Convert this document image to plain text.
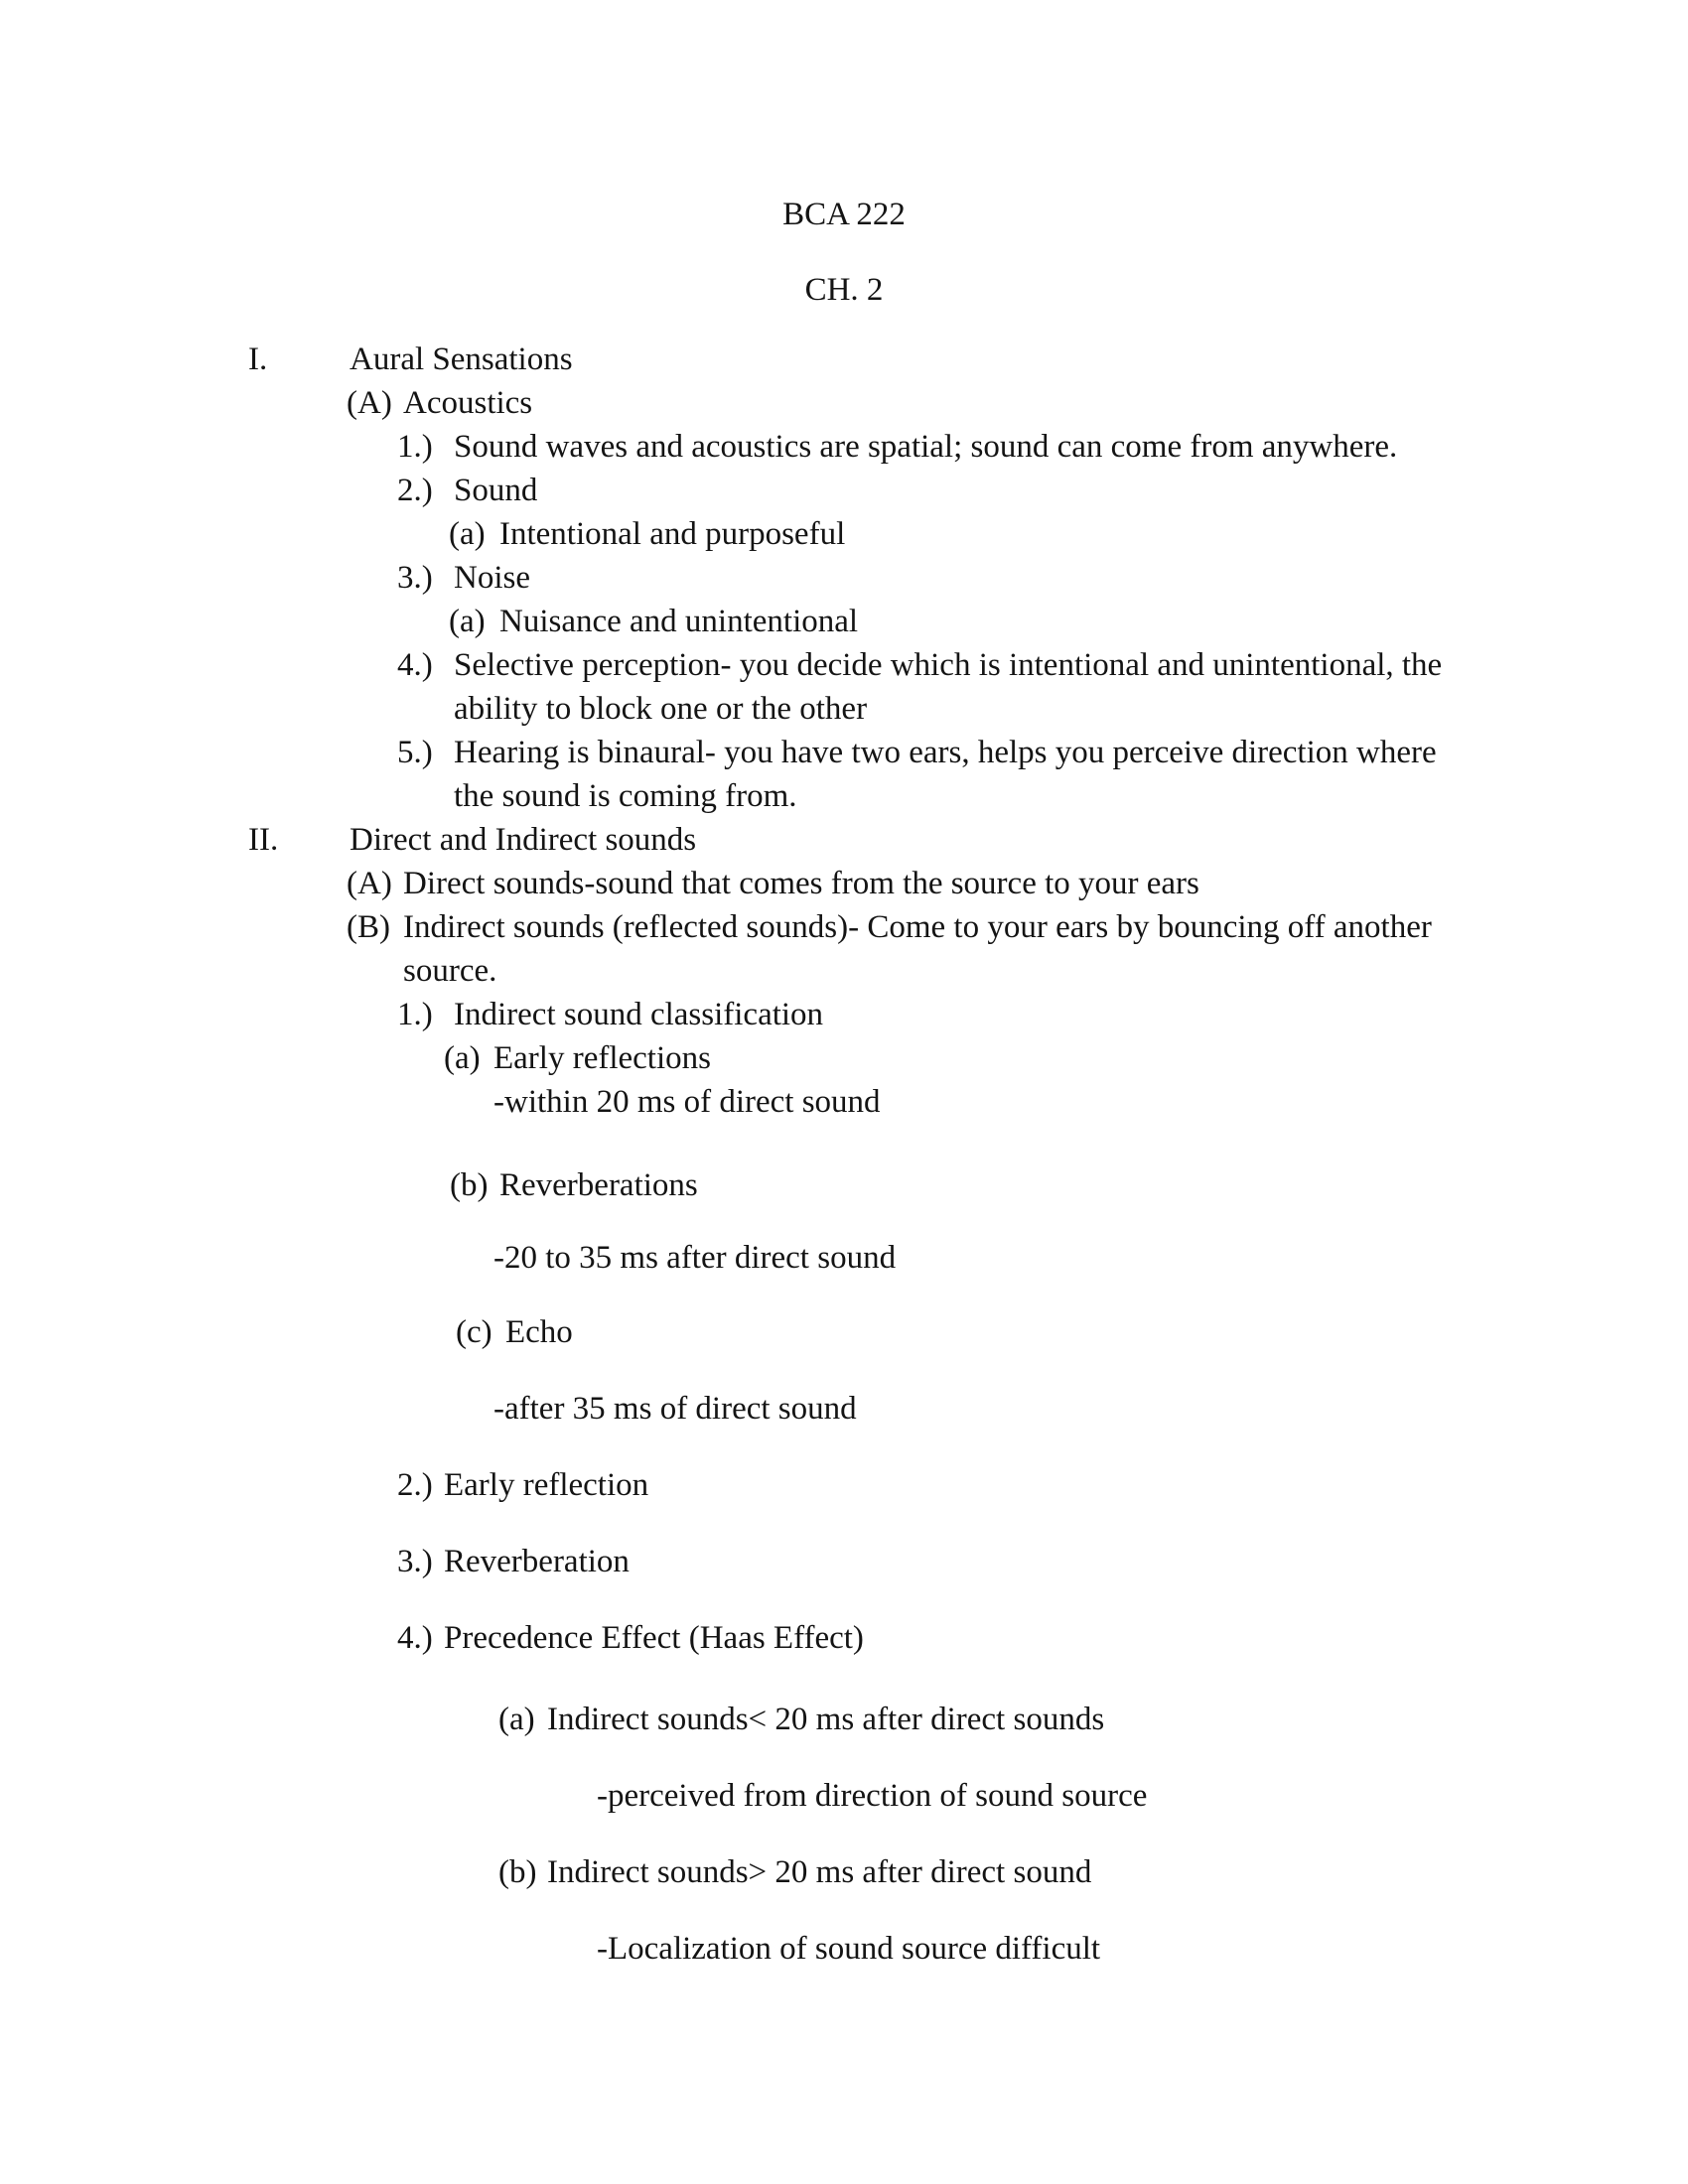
BCA 222
CH. 2
I.	Aural Sensations
(A) Acoustics
1.) Sound waves and acoustics are spatial; sound can come from anywhere.
2.) Sound
(a) Intentional and purposeful
3.) Noise
(a) Nuisance and unintentional
4.) Selective perception- you decide which is intentional and unintentional, the ability to block one or the other
5.) Hearing is binaural- you have two ears, helps you perceive direction where the sound is coming from.
II.	Direct and Indirect sounds
(A) Direct sounds-sound that comes from the source to your ears
(B) Indirect sounds (reflected sounds)- Come to your ears by bouncing off another source.
1.) Indirect sound classification
(a) Early reflections
-within 20 ms of direct sound
(b) Reverberations
-20 to 35 ms after direct sound
(c) Echo
-after 35 ms of direct sound
2.) Early reflection
3.) Reverberation
4.) Precedence Effect (Haas Effect)
(a) Indirect sounds< 20 ms after direct sounds
-perceived from direction of sound source
(b) Indirect sounds> 20 ms after direct sound
-Localization of sound source difficult
